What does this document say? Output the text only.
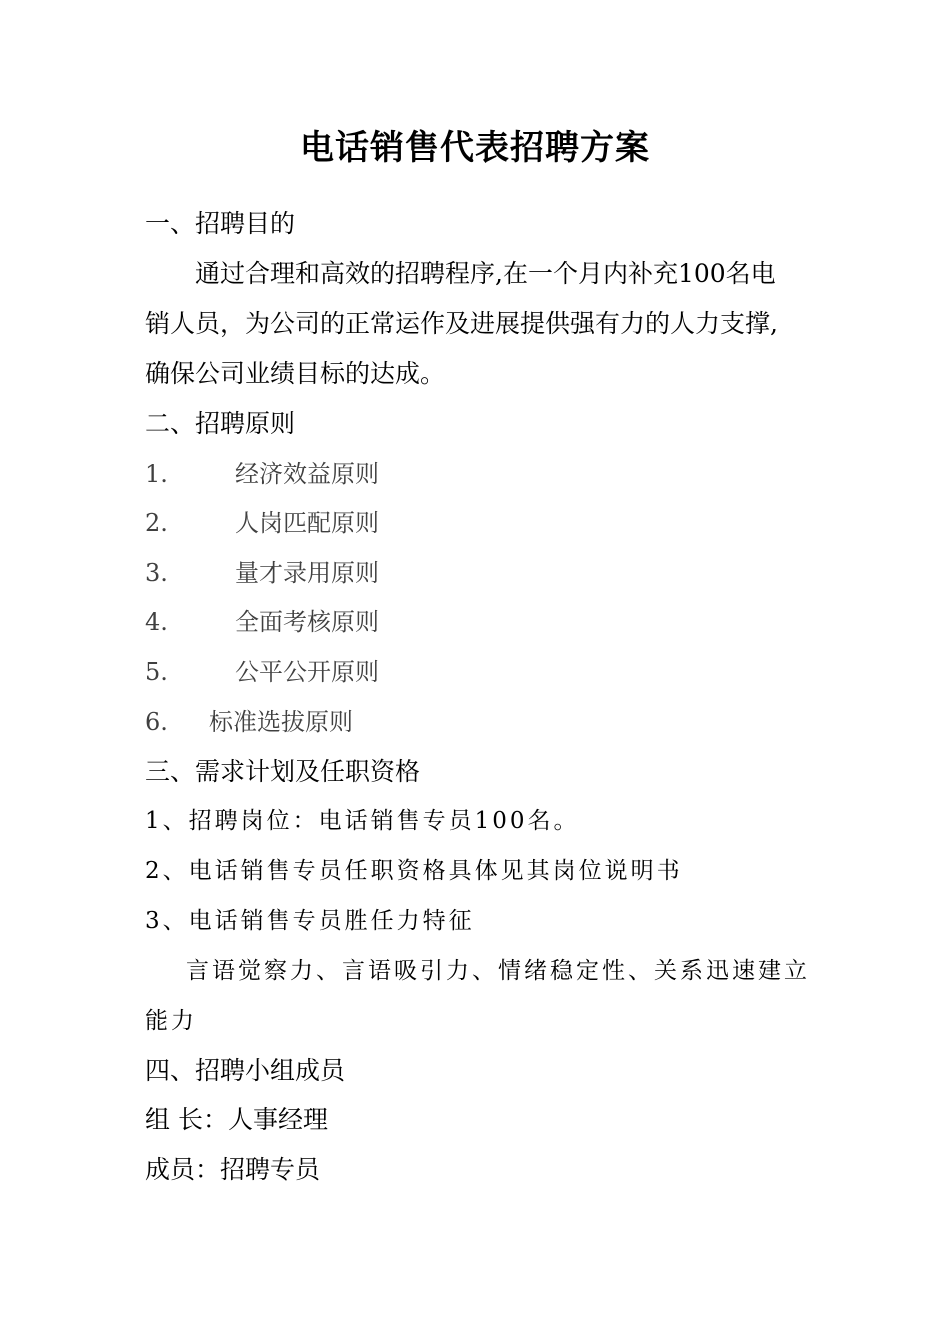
电话销售代表招聘方案
一、招聘目的
通过合理和高效的招聘程序,在一个月内补充100名电
销人员，为公司的正常运作及进展提供强有力的人力支撑,
确保公司业绩目标的达成。
二、招聘原则
1.	经济效益原则
2.	人岗匹配原则
3.	量才录用原则
4.	全面考核原则
5.	公平公开原则
6. 标准选拔原则
三、需求计划及任职资格
1、招聘岗位：电话销售专员100名。
2、电话销售专员任职资格具体见其岗位说明书
3、电话销售专员胜任力特征
言语觉察力、言语吸引力、情绪稳定性、关系迅速建立
能力
四、招聘小组成员
组 长：人事经理
成员：招聘专员
